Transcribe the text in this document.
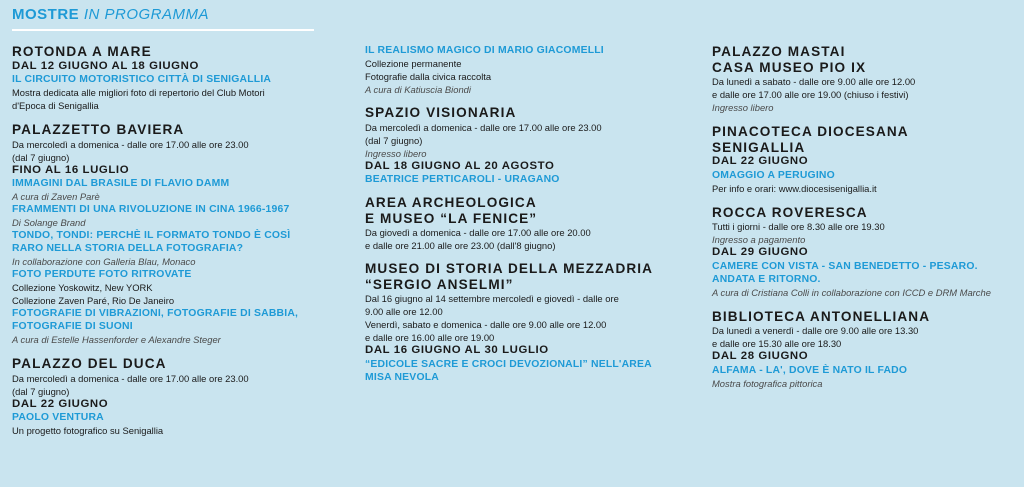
MOSTRE IN PROGRAMMA
ROTONDA A MARE
DAL 12 GIUGNO AL 18 GIUGNO
IL CIRCUITO MOTORISTICO CITTÀ DI SENIGALLIA
Mostra dedicata alle migliori foto di repertorio del Club Motori
d'Epoca di Senigallia
PALAZZETTO BAVIERA
Da mercoledì a domenica - dalle ore 17.00 alle ore 23.00
(dal 7 giugno)
FINO AL 16 LUGLIO
IMMAGINI DAL BRASILE DI FLAVIO DAMM
A cura di Zaven Parè
FRAMMENTI DI UNA RIVOLUZIONE IN CINA 1966-1967
Di Solange Brand
TONDO, TONDI: PERCHÈ IL FORMATO TONDO È COSÌ
RARO NELLA STORIA DELLA FOTOGRAFIA?
In collaborazione con Galleria Blau, Monaco
FOTO PERDUTE FOTO RITROVATE
Collezione Yoskowitz, New YORK
Collezione Zaven Paré, Rio De Janeiro
FOTOGRAFIE DI VIBRAZIONI, FOTOGRAFIE DI SABBIA,
FOTOGRAFIE DI SUONI
A cura di Estelle Hassenforder e Alexandre Steger
PALAZZO DEL DUCA
Da mercoledì a domenica - dalle ore 17.00 alle ore 23.00
(dal 7 giugno)
DAL 22 GIUGNO
PAOLO VENTURA
Un progetto fotografico su Senigallia
IL REALISMO MAGICO DI MARIO GIACOMELLI
Collezione permanente
Fotografie dalla civica raccolta
A cura di Katiuscia Biondi
SPAZIO VISIONARIA
Da mercoledì a domenica - dalle ore 17.00 alle ore 23.00
(dal 7 giugno)
Ingresso libero
DAL 18 GIUGNO AL 20 AGOSTO
BEATRICE PERTICAROLI - URAGANO
AREA ARCHEOLOGICA
E MUSEO “LA FENICE”
Da giovedì a domenica - dalle ore 17.00 alle ore 20.00
e dalle ore 21.00 alle ore 23.00 (dall'8 giugno)
MUSEO DI STORIA DELLA MEZZADRIA
“SERGIO ANSELMI”
Dal 16 giugno al 14 settembre mercoledì e giovedì - dalle ore
9.00 alle ore 12.00
Venerdì, sabato e domenica - dalle ore 9.00 alle ore 12.00
e dalle ore 16.00 alle ore 19.00
DAL 16 GIUGNO AL 30 LUGLIO
“EDICOLE SACRE E CROCI DEVOZIONALI” NELL'AREA
MISA NEVOLA
PALAZZO MASTAI
CASA MUSEO PIO IX
Da lunedì a sabato - dalle ore 9.00 alle ore 12.00
e dalle ore 17.00 alle ore 19.00 (chiuso i festivi)
Ingresso libero
PINACOTECA DIOCESANA
SENIGALLIA
DAL 22 GIUGNO
OMAGGIO A PERUGINO
Per info e orari: www.diocesisenigallia.it
ROCCA ROVERESCA
Tutti i giorni - dalle ore 8.30 alle ore 19.30
Ingresso a pagamento
DAL 29 GIUGNO
CAMERE CON VISTA - SAN BENEDETTO - PESARO.
ANDATA E RITORNO.
A cura di Cristiana Colli in collaborazione con ICCD e DRM Marche
BIBLIOTECA ANTONELLIANA
Da lunedì a venerdì - dalle ore 9.00 alle ore 13.30
e dalle ore 15.30 alle ore 18.30
DAL 28 GIUGNO
ALFAMA - LA', DOVE È NATO IL FADO
Mostra fotografica pittorica
